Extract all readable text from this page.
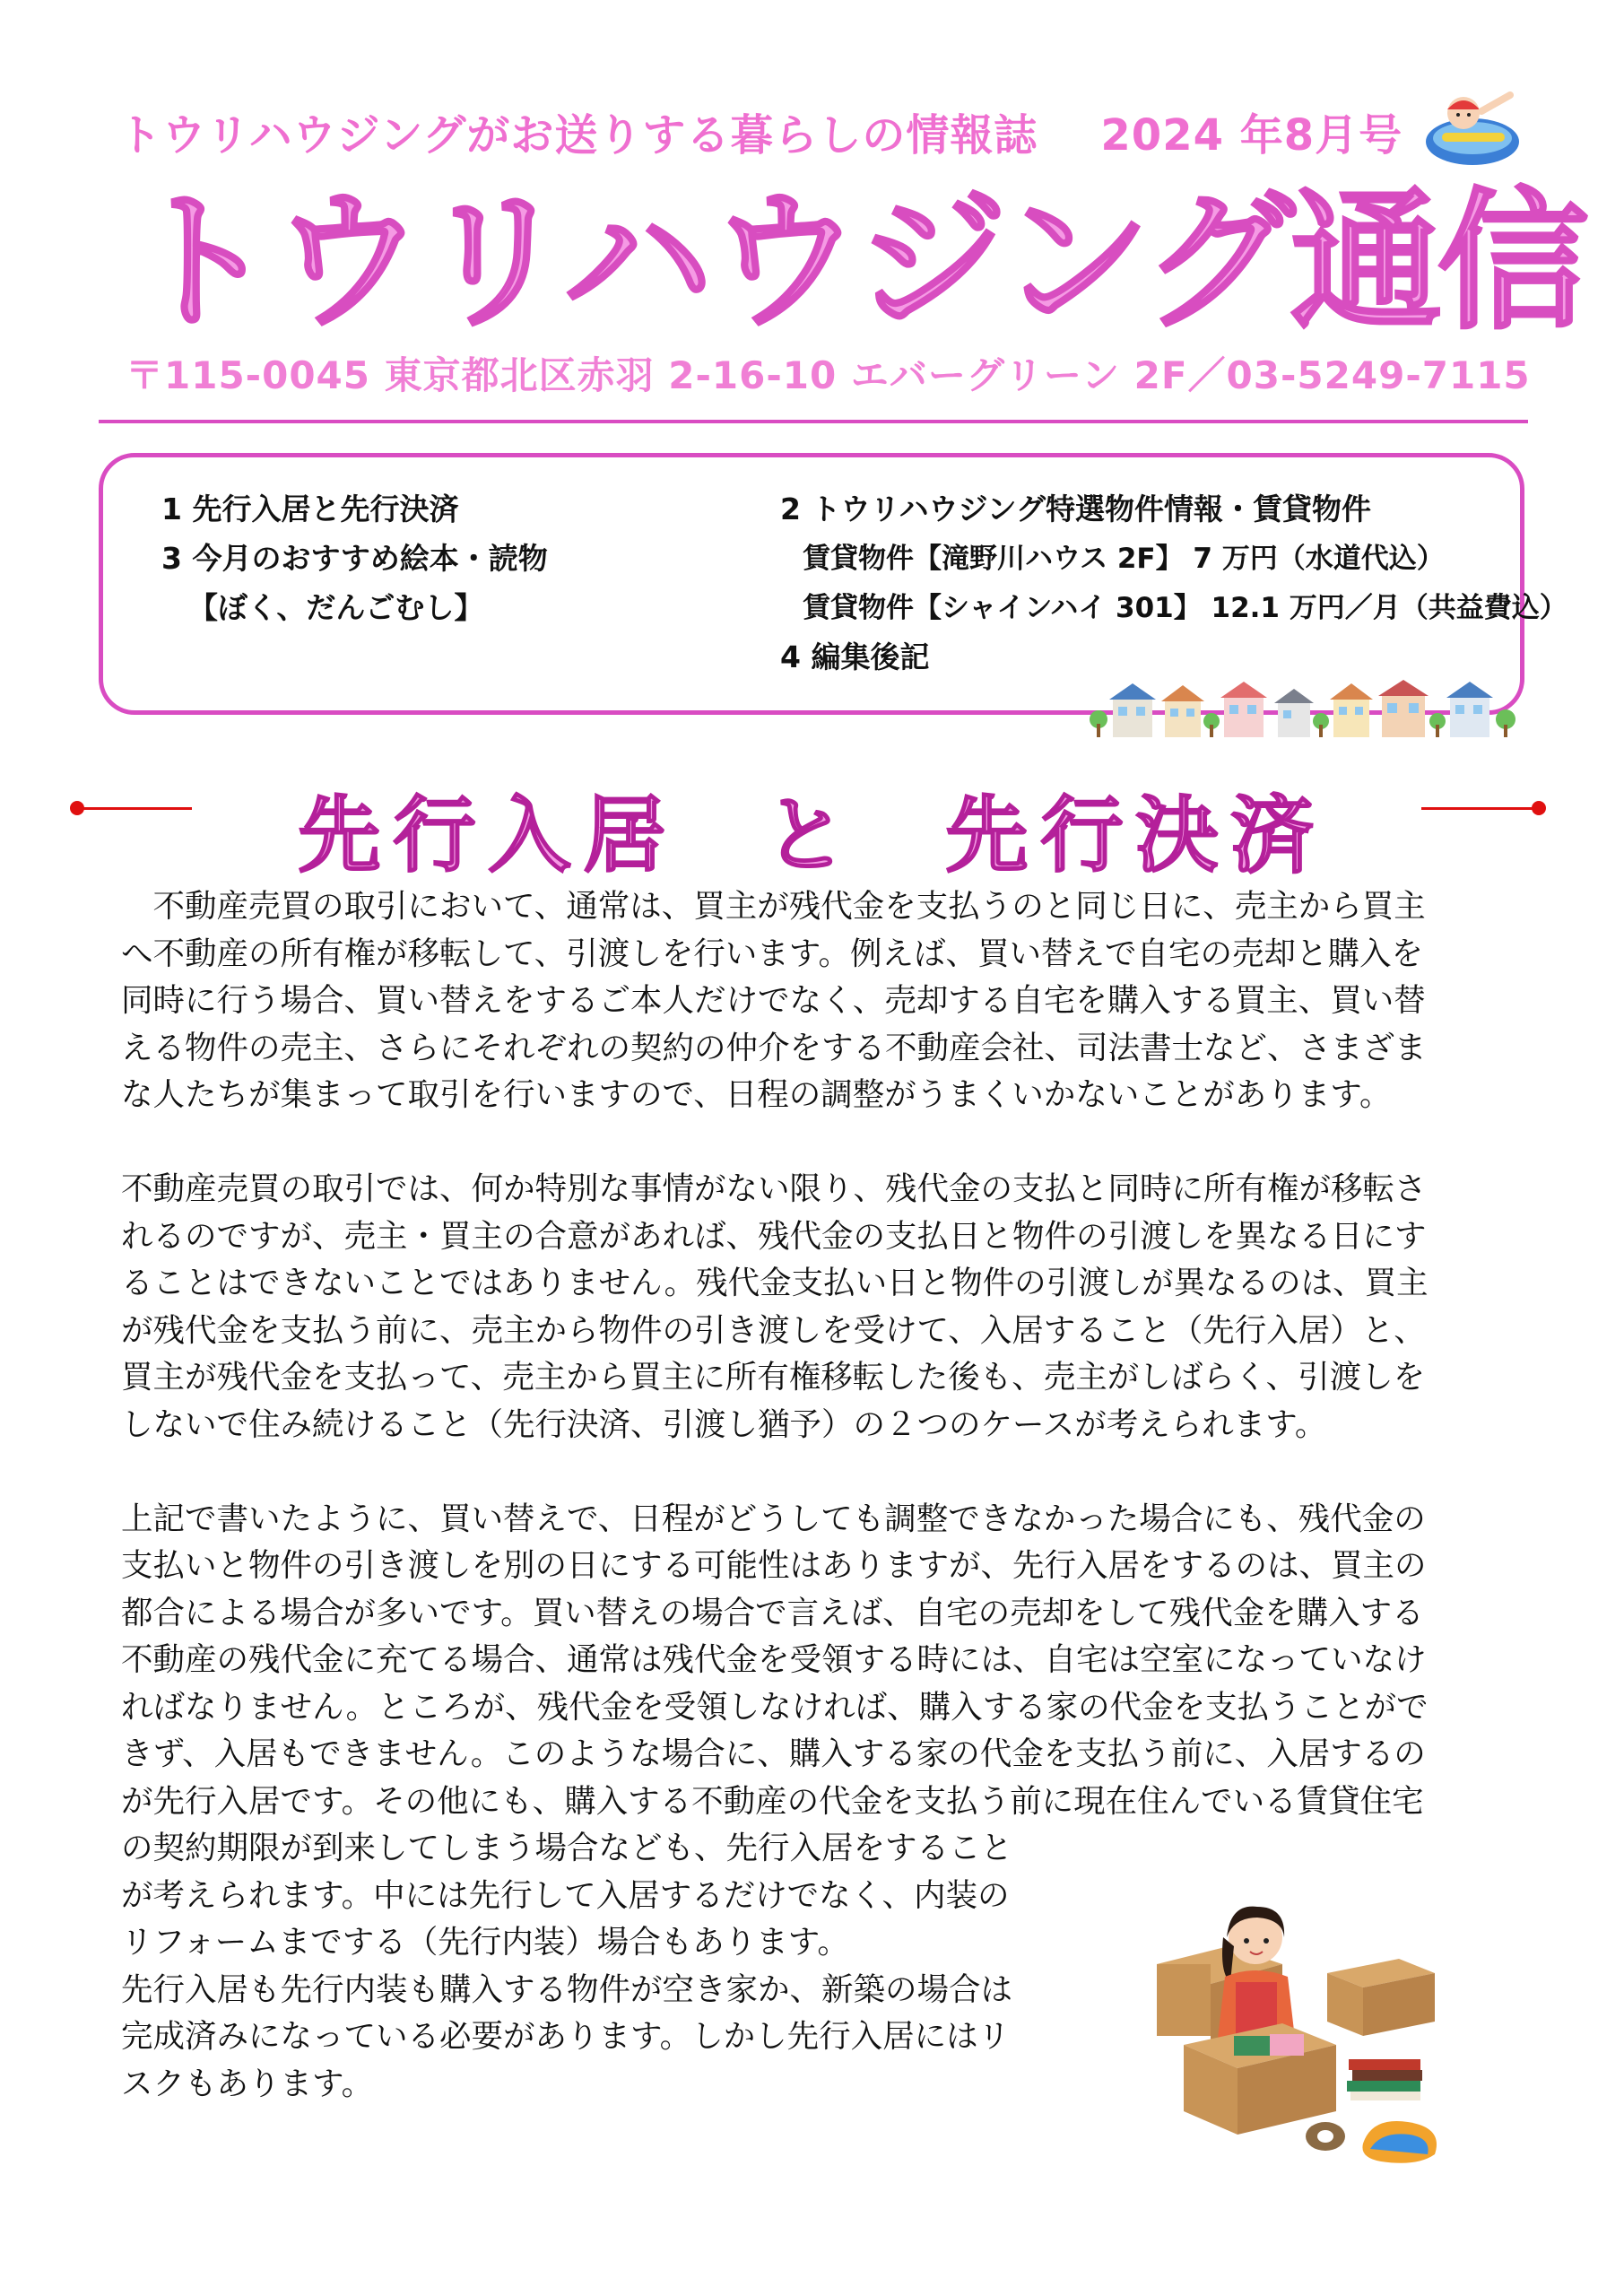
トウリハウジングがお送りする暮らしの情報誌 2024 年8月号
トウリハウジング通信
〒115-0045 東京都北区赤羽 2-16-10 エバーグリーン 2F／03-5249-7115
1 先行入居と先行決済
3 今月のおすすめ絵本・読物
【ぼく、だんごむし】
2 トウリハウジング特選物件情報・賃貸物件
賃貸物件【滝野川ハウス 2F】 7 万円（水道代込）
賃貸物件【シャインハイ 301】 12.1 万円／月（共益費込）
4 編集後記
先行入居 と 先行決済

　不動産売買の取引において、通常は、買主が残代金を支払うのと同じ日に、売主から買主

へ不動産の所有権が移転して、引渡しを行います。例えば、買い替えで自宅の売却と購入を

同時に行う場合、買い替えをするご本人だけでなく、売却する自宅を購入する買主、買い替

える物件の売主、さらにそれぞれの契約の仲介をする不動産会社、司法書士など、さまざま

な人たちが集まって取引を行いますので、日程の調整がうまくいかないことがあります。

不動産売買の取引では、何か特別な事情がない限り、残代金の支払と同時に所有権が移転さ

れるのですが、売主・買主の合意があれば、残代金の支払日と物件の引渡しを異なる日にす

ることはできないことではありません。残代金支払い日と物件の引渡しが異なるのは、買主

が残代金を支払う前に、売主から物件の引き渡しを受けて、入居すること（先行入居）と、

買主が残代金を支払って、売主から買主に所有権移転した後も、売主がしばらく、引渡しを

しないで住み続けること（先行決済、引渡し猶予）の２つのケースが考えられます。

上記で書いたように、買い替えで、日程がどうしても調整できなかった場合にも、残代金の

支払いと物件の引き渡しを別の日にする可能性はありますが、先行入居をするのは、買主の

都合による場合が多いです。買い替えの場合で言えば、自宅の売却をして残代金を購入する

不動産の残代金に充てる場合、通常は残代金を受領する時には、自宅は空室になっていなけ

ればなりません。ところが、残代金を受領しなければ、購入する家の代金を支払うことがで

きず、入居もできません。このような場合に、購入する家の代金を支払う前に、入居するの

が先行入居です。その他にも、購入する不動産の代金を支払う前に現在住んでいる賃貸住宅

の契約期限が到来してしまう場合なども、先行入居をすること

が考えられます。中には先行して入居するだけでなく、内装の

リフォームまでする（先行内装）場合もあります。

先行入居も先行内装も購入する物件が空き家か、新築の場合は

完成済みになっている必要があります。しかし先行入居にはリ

スクもあります。
